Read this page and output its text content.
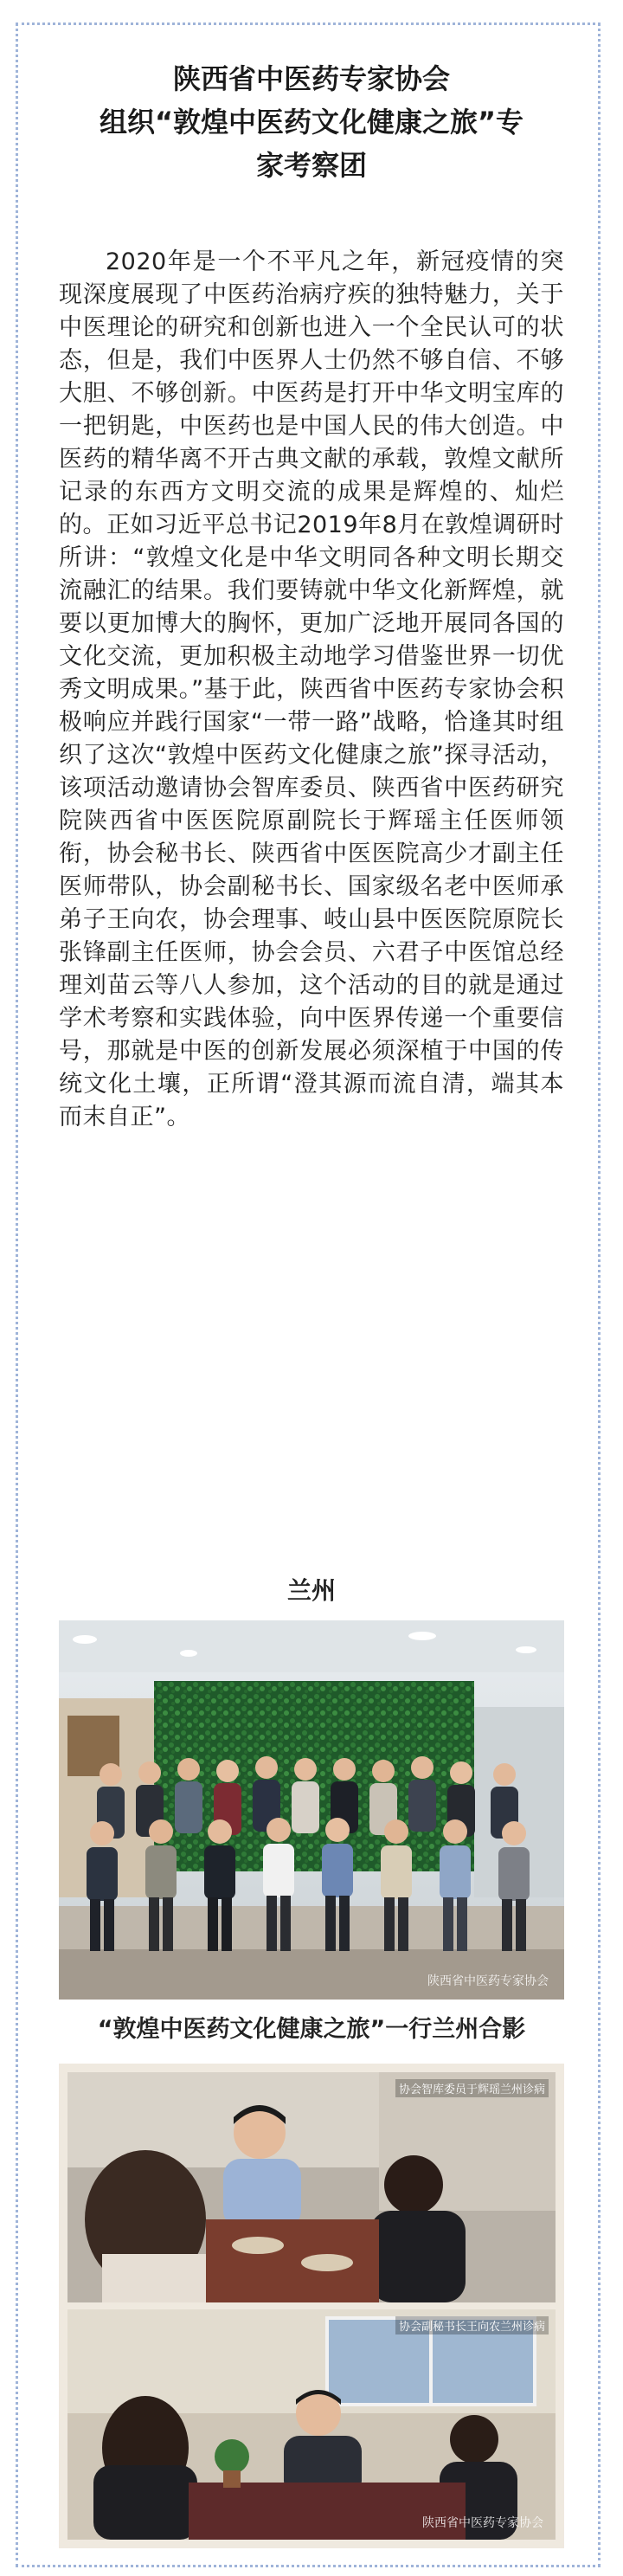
陕西省中医药专家协会
组织“敦煌中医药文化健康之旅”专
家考察团
2020年是一个不平凡之年，新冠疫情的突现深度展现了中医药治病疗疾的独特魅力，关于中医理论的研究和创新也进入一个全民认可的状态，但是，我们中医界人士仍然不够自信、不够大胆、不够创新。中医药是打开中华文明宝库的一把钥匙，中医药也是中国人民的伟大创造。中医药的精华离不开古典文献的承载，敦煌文献所记录的东西方文明交流的成果是辉煌的、灿烂的。正如习近平总书记2019年8月在敦煌调研时所讲：“敦煌文化是中华文明同各种文明长期交流融汇的结果。我们要铸就中华文化新辉煌，就要以更加博大的胸怀，更加广泛地开展同各国的文化交流，更加积极主动地学习借鉴世界一切优秀文明成果。”基于此，陕西省中医药专家协会积极响应并践行国家“一带一路”战略，恰逢其时组织了这次“敦煌中医药文化健康之旅”探寻活动，该项活动邀请协会智库委员、陕西省中医药研究院陕西省中医医院原副院长于辉瑶主任医师领衔，协会秘书长、陕西省中医医院高少才副主任医师带队，协会副秘书长、国家级名老中医师承弟子王向农，协会理事、岐山县中医医院原院长张锋副主任医师，协会会员、六君子中医馆总经理刘苗云等八人参加，这个活动的目的就是通过学术考察和实践体验，向中医界传递一个重要信号，那就是中医的创新发展必须深植于中国的传统文化土壤，正所谓“澄其源而流自清，端其本而末自正”。
兰州
陕西省中医药专家协会
“敦煌中医药文化健康之旅”一行兰州合影
协会智库委员于辉瑶兰州诊病
协会副秘书长王向农兰州诊病
陕西省中医药专家协会
